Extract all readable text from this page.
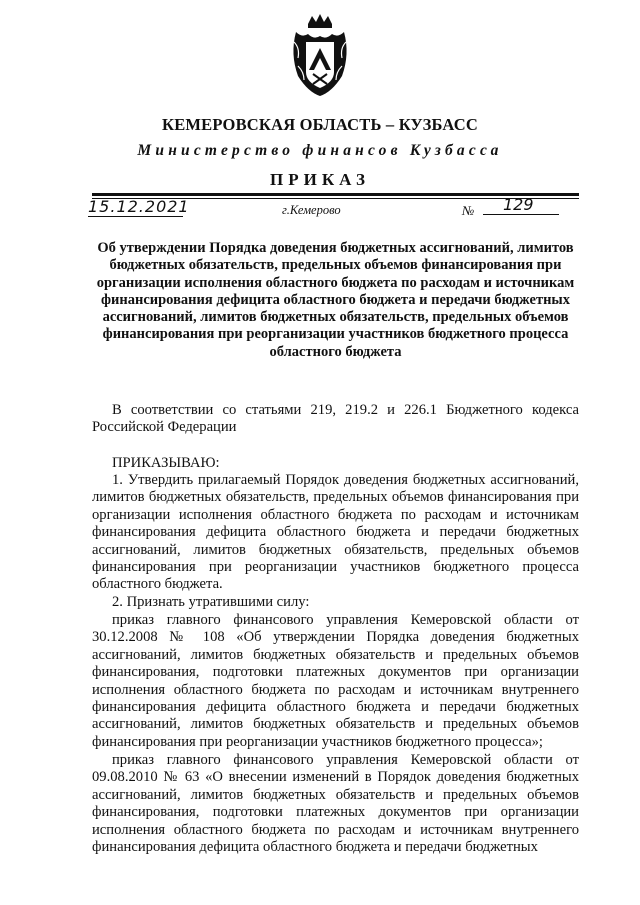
КЕМЕРОВСКАЯ ОБЛАСТЬ – КУЗБАСС
Министерство финансов Кузбасса
ПРИКАЗ
15.12.2021	г.Кемерово	№	129
Об утверждении Порядка доведения бюджетных ассигнований, лимитов бюджетных обязательств, предельных объемов финансирования при организации исполнения областного бюджета по расходам и источникам финансирования дефицита областного бюджета и передачи бюджетных ассигнований, лимитов бюджетных обязательств, предельных объемов финансирования при реорганизации участников бюджетного процесса областного бюджета
В соответствии со статьями 219, 219.2 и 226.1 Бюджетного кодекса Российской Федерации
ПРИКАЗЫВАЮ:
1. Утвердить прилагаемый Порядок доведения бюджетных ассигнований, лимитов бюджетных обязательств, предельных объемов финансирования при организации исполнения областного бюджета по расходам и источникам финансирования дефицита областного бюджета и передачи бюджетных ассигнований, лимитов бюджетных обязательств, предельных объемов финансирования при реорганизации участников бюджетного процесса областного бюджета.
2. Признать утратившими силу:
приказ главного финансового управления Кемеровской области от 30.12.2008 № 108 «Об утверждении Порядка доведения бюджетных ассигнований, лимитов бюджетных обязательств и предельных объемов финансирования, подготовки платежных документов при организации исполнения областного бюджета по расходам и источникам внутреннего финансирования дефицита областного бюджета и передачи бюджетных ассигнований, лимитов бюджетных обязательств и предельных объемов финансирования при реорганизации участников бюджетного процесса»;
приказ главного финансового управления Кемеровской области от 09.08.2010 № 63 «О внесении изменений в Порядок доведения бюджетных ассигнований, лимитов бюджетных обязательств и предельных объемов финансирования, подготовки платежных документов при организации исполнения областного бюджета по расходам и источникам внутреннего финансирования дефицита областного бюджета и передачи бюджетных
